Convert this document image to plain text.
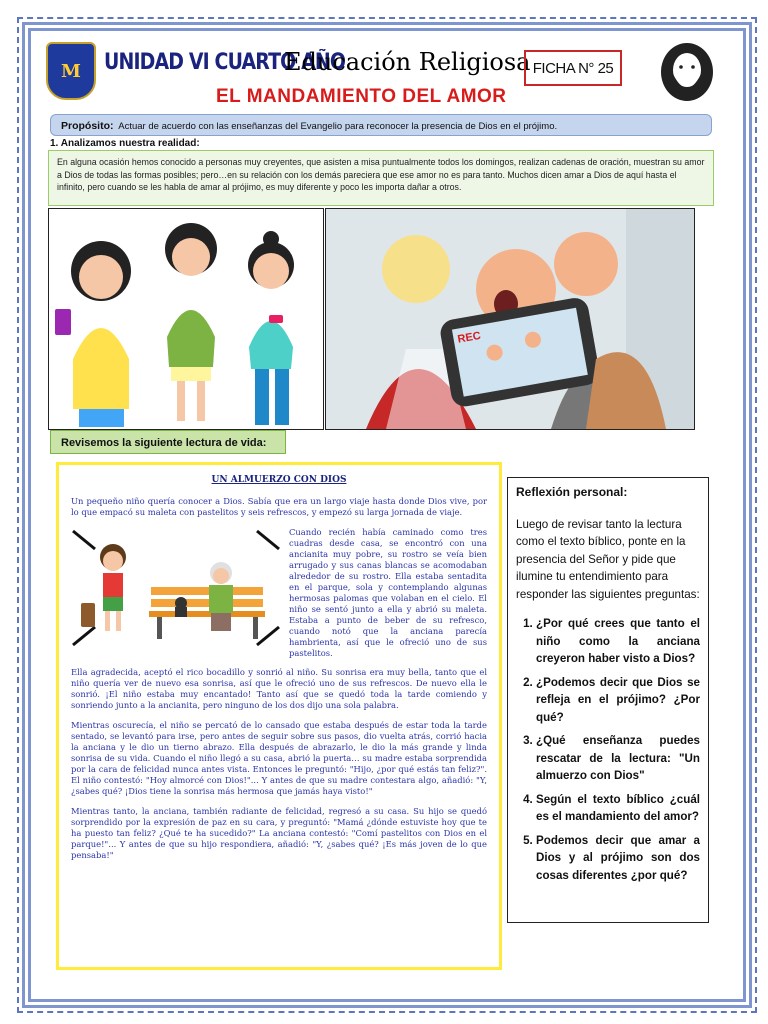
M UNIDAD VI CUARTO AÑO
Educación Religiosa
EL MANDAMIENTO DEL AMOR
FICHA N° 25
Propósito: Actuar de acuerdo con las enseñanzas del Evangelio para reconocer la presencia de Dios en el prójimo.
1. Analizamos nuestra realidad:
En alguna ocasión hemos conocido a personas muy creyentes, que asisten a misa puntualmente todos los domingos, realizan cadenas de oración, muestran su amor a Dios de todas las formas posibles; pero…en su relación con los demás pareciera que ese amor no es para tanto. Muchos dicen amar a Dios de aquí hasta el infinito, pero cuando se les habla de amar al prójimo, es muy diferente y poco les importa dañar a otros.
REC
Revisemos la siguiente lectura de vida:
UN ALMUERZO CON DIOS

Un pequeño niño quería conocer a Dios. Sabía que era un largo viaje hasta donde Dios vive, por lo que empacó su maleta con pastelitos y seis refrescos, y empezó su larga jornada de viaje.

Cuando recién había caminado como tres cuadras desde casa, se encontró con una ancianita muy pobre, su rostro se veía bien arrugado y sus canas blancas se acomodaban alrededor de su rostro. Ella estaba sentadita en el parque, sola y contemplando algunas hermosas palomas que volaban en el cielo. El niño se sentó junto a ella y abrió su maleta. Estaba a punto de beber de su refresco, cuando notó que la anciana parecía hambrienta, así que le ofreció uno de sus pastelitos.

Ella agradecida, aceptó el rico bocadillo y sonrió al niño. Su sonrisa era muy bella, tanto que el niño quería ver de nuevo esa sonrisa, así que le ofreció uno de sus refrescos. De nuevo ella le sonrió. ¡El niño estaba muy encantado! Tanto así que se quedó toda la tarde comiendo y sonriendo junto a la ancianita, pero ninguno de los dos dijo una sola palabra.

Mientras oscurecía, el niño se percató de lo cansado que estaba después de estar toda la tarde sentado, se levantó para irse, pero antes de seguir sobre sus pasos, dio vuelta atrás, corrió hacia la anciana y le dio un tierno abrazo. Ella después de abrazarlo, le dio la más grande y linda sonrisa de su vida. Cuando el niño llegó a su casa, abrió la puerta… su madre estaba sorprendida por la cara de felicidad nunca antes vista. Entonces le preguntó: "Hijo, ¿por qué estás tan feliz?". El niño contestó: "Hoy almorcé con Dios!"... Y antes de que su madre contestara algo, añadió: "Y, ¿sabes qué? ¡Dios tiene la sonrisa más hermosa que jamás haya visto!"

Mientras tanto, la anciana, también radiante de felicidad, regresó a su casa. Su hijo se quedó sorprendido por la expresión de paz en su cara, y preguntó: "Mamá ¿dónde estuviste hoy que te ha puesto tan feliz? ¿Qué te ha sucedido?" La anciana contestó: "Comí pastelitos con Dios en el parque!"... Y antes de que su hijo respondiera, añadió: "Y, ¿sabes qué? ¡Es más joven de lo que pensaba!"

Reflexión personal:

Luego de revisar tanto la lectura como el texto bíblico, ponte en la presencia del Señor y pide que ilumine tu entendimiento para responder las siguientes preguntas:

1. ¿Por qué crees que tanto el niño como la anciana creyeron haber visto a Dios?
2. ¿Podemos decir que Dios se refleja en el prójimo? ¿Por qué?
3. ¿Qué enseñanza puedes rescatar de la lectura: "Un almuerzo con Dios"
4. Según el texto bíblico ¿cuál es el mandamiento del amor?
5. Podemos decir que amar a Dios y al prójimo son dos cosas diferentes ¿por qué?
